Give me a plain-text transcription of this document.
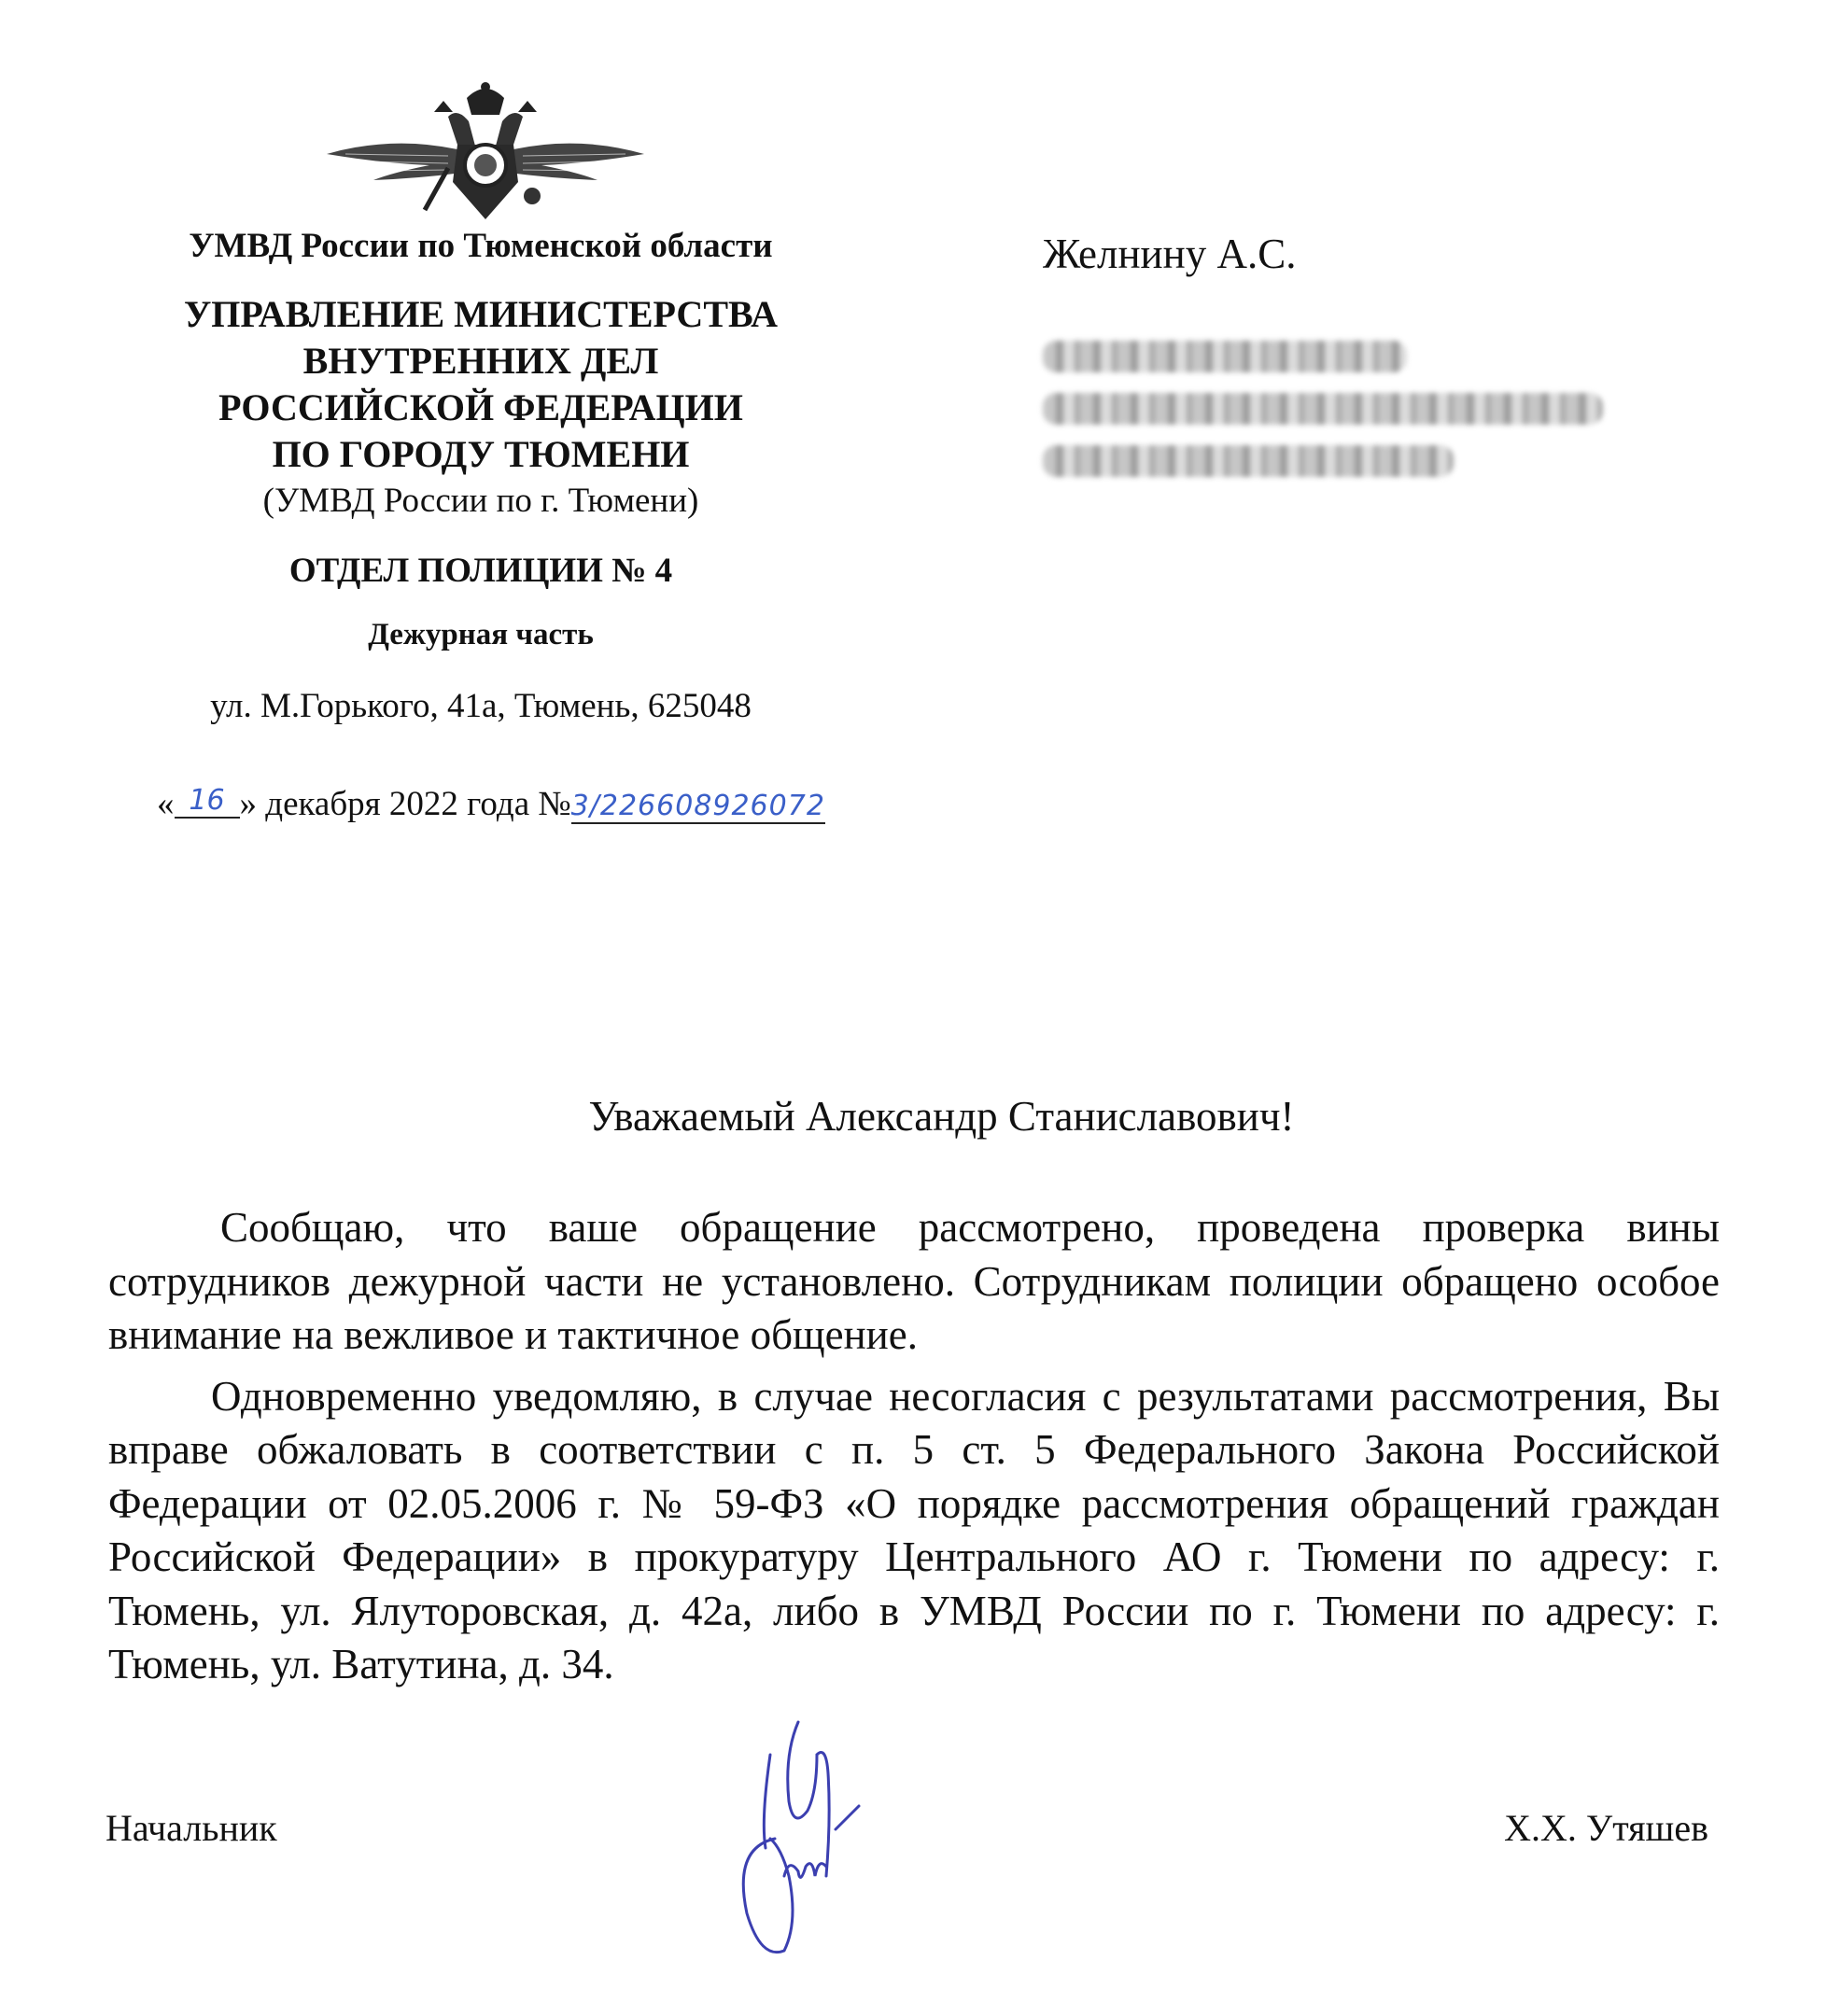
УМВД России по Тюменской области
УПРАВЛЕНИЕ МИНИСТЕРСТВА
ВНУТРЕННИХ ДЕЛ
РОССИЙСКОЙ ФЕДЕРАЦИИ
ПО ГОРОДУ ТЮМЕНИ
(УМВД России по г. Тюмени)
ОТДЕЛ ПОЛИЦИИ № 4
Дежурная часть
ул. М.Горького, 41а, Тюмень, 625048
« 16 » декабря 2022 года №3/226608926072
Желнину А.С.
Уважаемый Александр Станиславович!

Сообщаю, что ваше обращение рассмотрено, проведена проверка вины сотрудников дежурной части не установлено. Сотрудникам полиции обращено особое внимание на вежливое и тактичное общение.

Одновременно уведомляю, в случае несогласия с результатами рассмотрения, Вы вправе обжаловать в соответствии с п. 5 ст. 5 Федерального Закона Российской Федерации от 02.05.2006 г. № 59-ФЗ «О порядке рассмотрения обращений граждан Российской Федерации» в прокуратуру Центрального АО г. Тюмени по адресу: г. Тюмень, ул. Ялуторовская, д. 42а, либо в УМВД России по г. Тюмени по адресу: г. Тюмень, ул. Ватутина, д. 34.

Начальник	Х.Х. Утяшев
